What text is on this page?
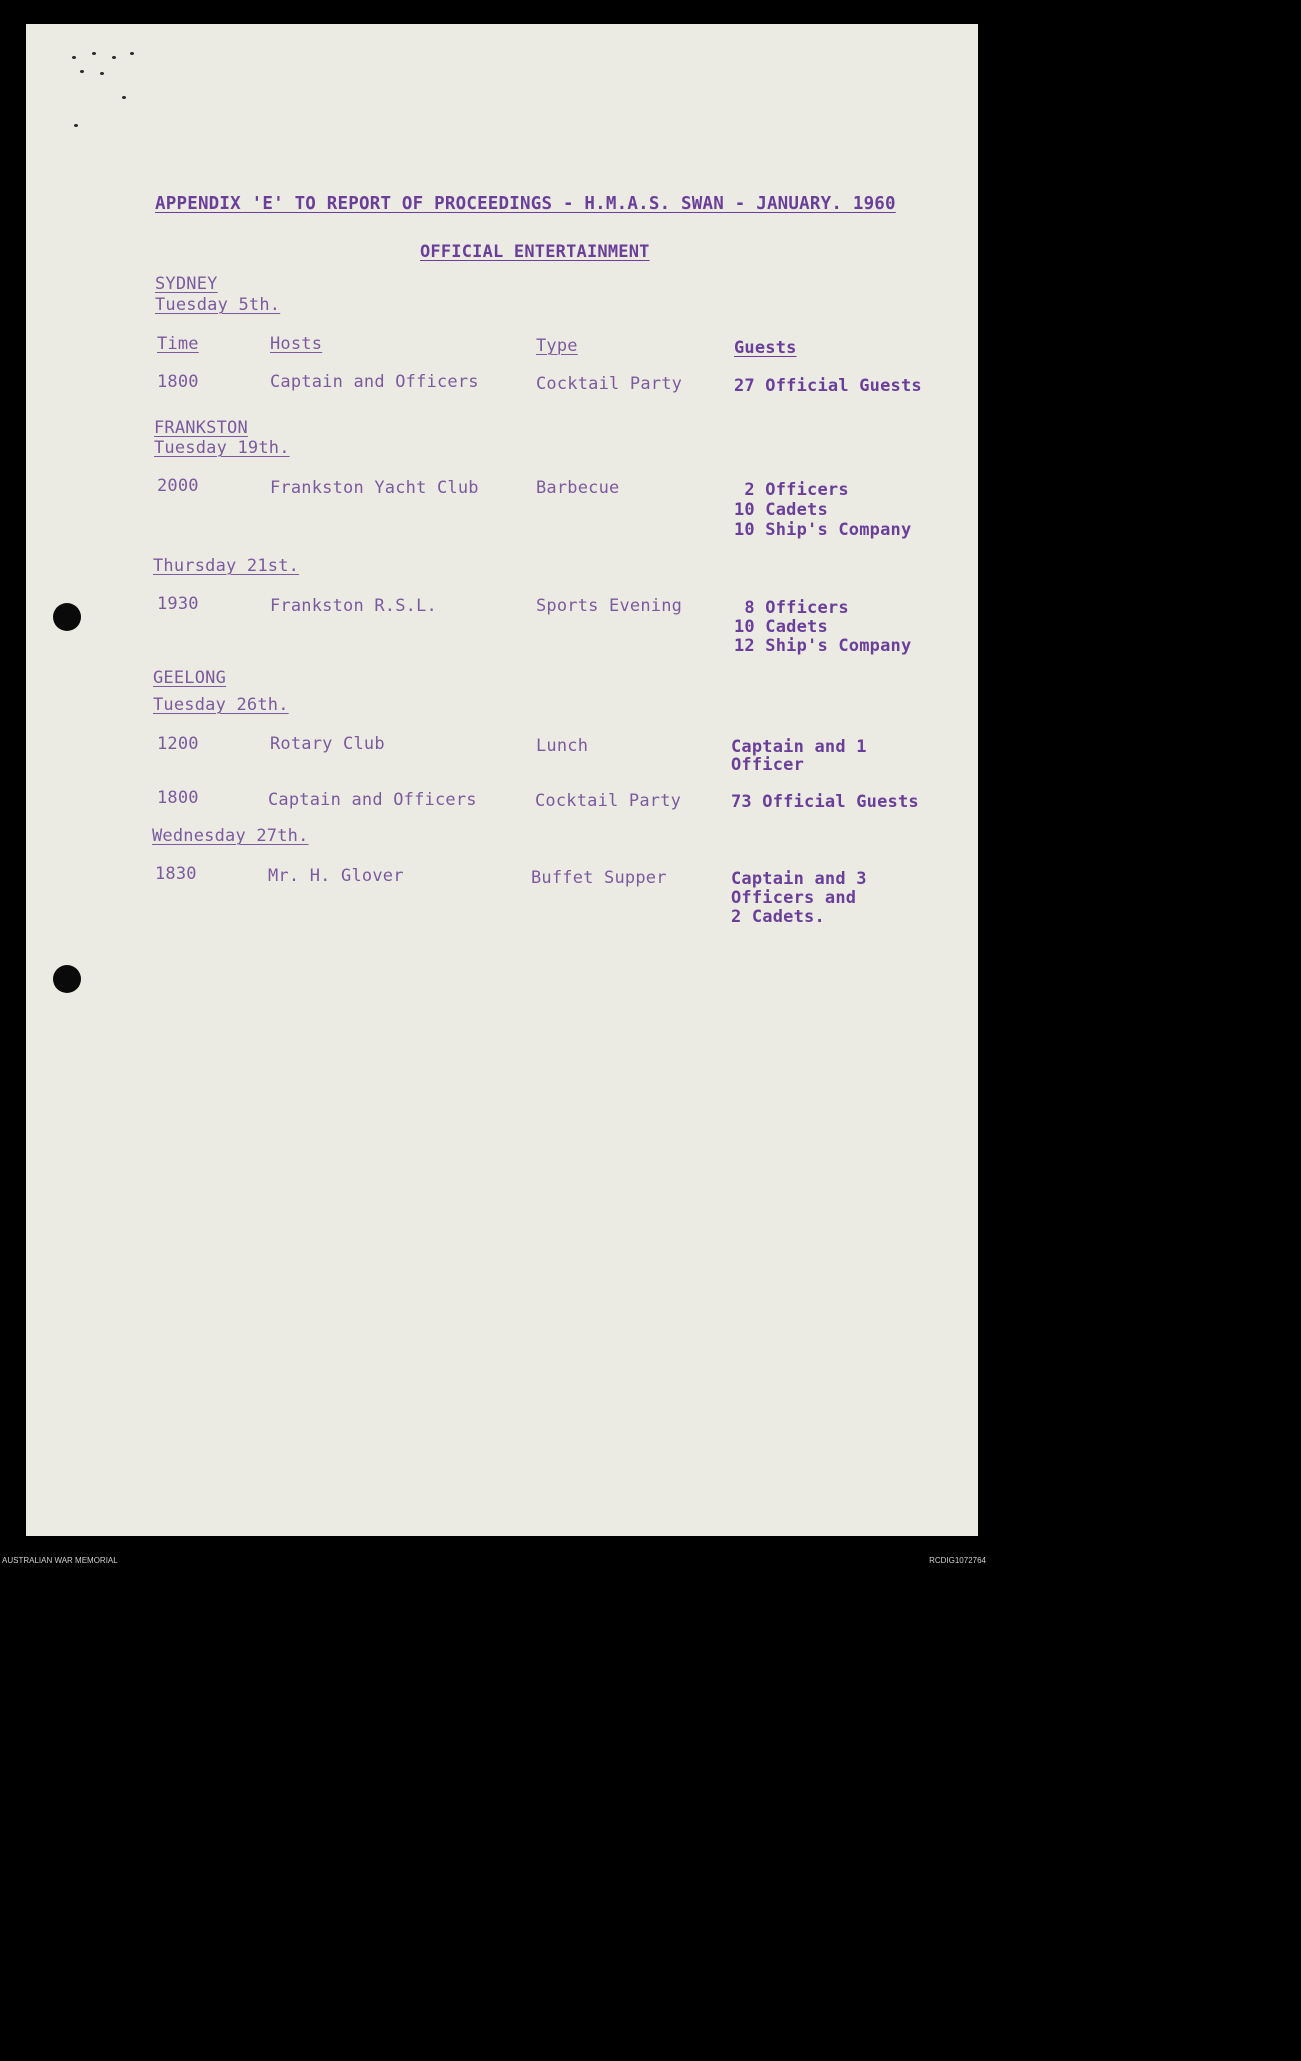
APPENDIX 'E' TO REPORT OF PROCEEDINGS - H.M.A.S. SWAN - JANUARY. 1960
OFFICIAL ENTERTAINMENT
SYDNEY
Tuesday 5th.
Time	Hosts	Type	Guests
1800	Captain and Officers	Cocktail Party	27 Official Guests
FRANKSTON
Tuesday 19th.
2000	Frankston Yacht Club	Barbecue	2 Officers
10 Cadets
10 Ship's Company
Thursday 21st.
1930	Frankston R.S.L.	Sports Evening	8 Officers
10 Cadets
12 Ship's Company
GEELONG
Tuesday 26th.
1200	Rotary Club	Lunch	Captain and 1
Officer
1800	Captain and Officers	Cocktail Party	73 Official Guests
Wednesday 27th.
1830	Mr. H. Glover	Buffet Supper	Captain and 3
Officers and
2 Cadets.
AUSTRALIAN WAR MEMORIAL	RCDIG1072764
